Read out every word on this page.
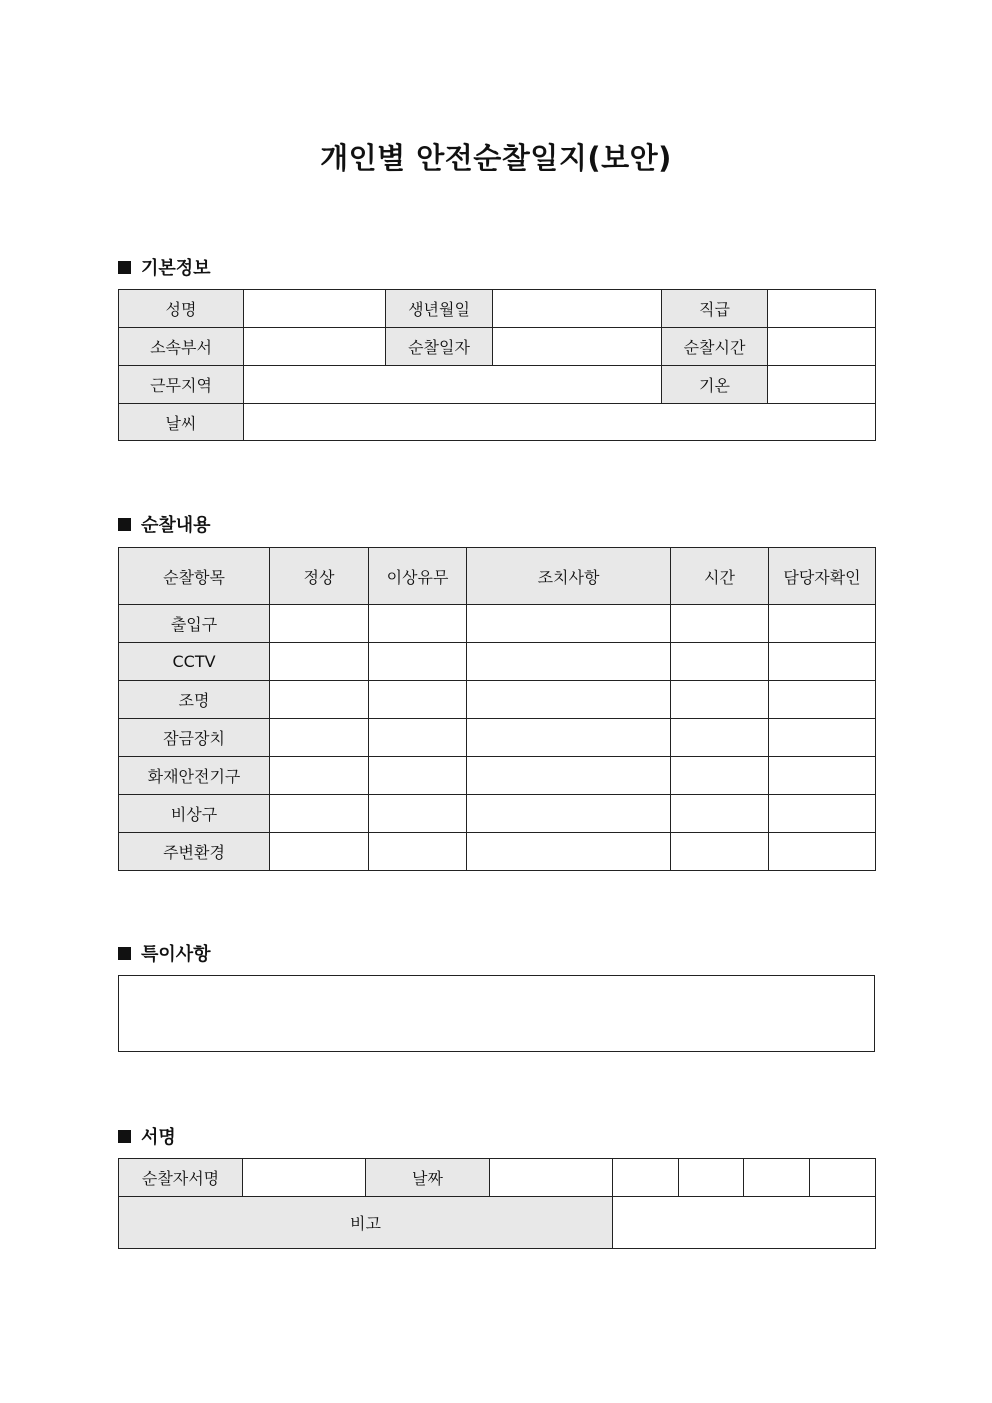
개인별 안전순찰일지(보안)
기본정보
성명		생년월일		직급	
소속부서		순찰일자		순찰시간	
근무지역				기온	
날씨					
순찰내용
순찰항목	정상	이상유무	조치사항	시간	담당자확인
출입구					
CCTV					
조명					
잠금장치					
화재안전기구					
비상구					
주변환경					
특이사항
서명
순찰자서명		날짜					
비고							
